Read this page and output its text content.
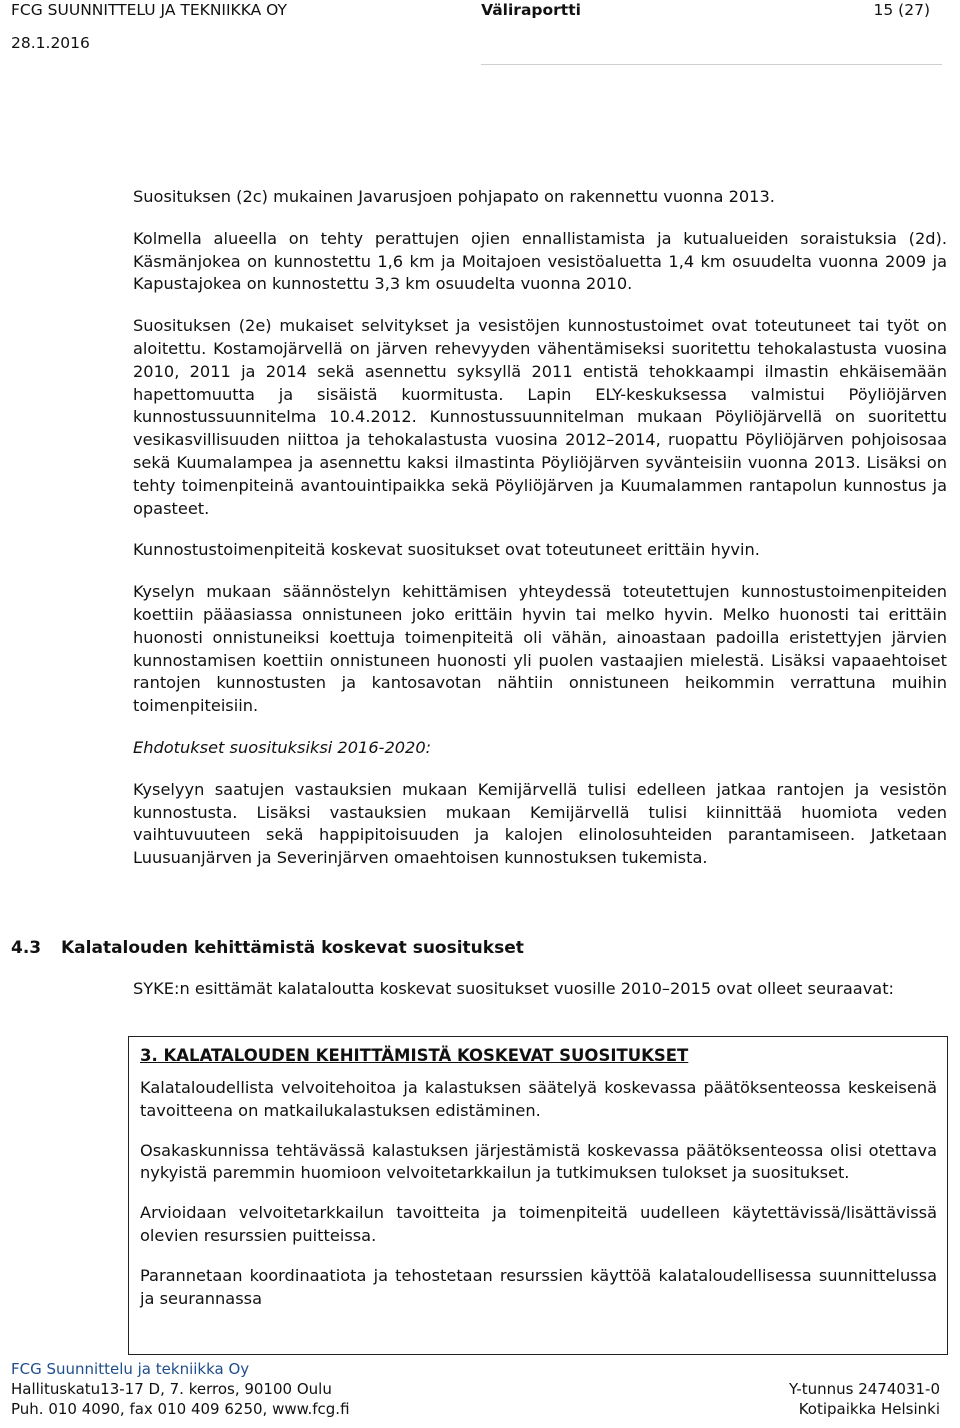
FCG SUUNNITTELU JA TEKNIIKKA OY	Väliraportti	15 (27)
28.1.2016

Suosituksen (2c) mukainen Javarusjoen pohjapato on rakennettu vuonna 2013.

Kolmella alueella on tehty perattujen ojien ennallistamista ja kutualueiden soraistuksia (2d). Käsmänjokea on kunnostettu 1,6 km ja Moitajoen vesistöaluetta 1,4 km osuudelta vuonna 2009 ja Kapustajokea on kunnostettu 3,3 km osuudelta vuonna 2010.

Suosituksen (2e) mukaiset selvitykset ja vesistöjen kunnostustoimet ovat toteutuneet tai työt on aloitettu. Kostamojärvellä on järven rehevyyden vähentämiseksi suoritettu tehokalastusta vuosina 2010, 2011 ja 2014 sekä asennettu syksyllä 2011 entistä tehokkaampi ilmastin ehkäisemään hapettomuutta ja sisäistä kuormitusta. Lapin ELY-keskuksessa valmistui Pöyliöjärven kunnostussuunnitelma 10.4.2012. Kunnostussuunnitelman mukaan Pöyliöjärvellä on suoritettu vesikasvillisuuden niittoa ja tehokalastusta vuosina 2012–2014, ruopattu Pöyliöjärven pohjoisosaa sekä Kuumalampea ja asennettu kaksi ilmastinta Pöyliöjärven syvänteisiin vuonna 2013. Lisäksi on tehty toimenpiteinä avantouintipaikka sekä Pöyliöjärven ja Kuumalammen rantapolun kunnostus ja opasteet.

Kunnostustoimenpiteitä koskevat suositukset ovat toteutuneet erittäin hyvin.

Kyselyn mukaan säännöstelyn kehittämisen yhteydessä toteutettujen kunnostustoimenpiteiden koettiin pääasiassa onnistuneen joko erittäin hyvin tai melko hyvin. Melko huonosti tai erittäin huonosti onnistuneiksi koettuja toimenpiteitä oli vähän, ainoastaan padoilla eristettyjen järvien kunnostamisen koettiin onnistuneen huonosti yli puolen vastaajien mielestä. Lisäksi vapaaehtoiset rantojen kunnostusten ja kantosavotan nähtiin onnistuneen heikommin verrattuna muihin toimenpiteisiin.

Ehdotukset suosituksiksi 2016-2020:

Kyselyyn saatujen vastauksien mukaan Kemijärvellä tulisi edelleen jatkaa rantojen ja vesistön kunnostusta. Lisäksi vastauksien mukaan Kemijärvellä tulisi kiinnittää huomiota veden vaihtuvuuteen sekä happipitoisuuden ja kalojen elinolosuhteiden parantamiseen. Jatketaan Luusuanjärven ja Severinjärven omaehtoisen kunnostuksen tukemista.

4.3 Kalatalouden kehittämistä koskevat suositukset

SYKE:n esittämät kalataloutta koskevat suositukset vuosille 2010–2015 ovat olleet seuraavat:

3. KALATALOUDEN KEHITTÄMISTÄ KOSKEVAT SUOSITUKSET

Kalataloudellista velvoitehoitoa ja kalastuksen säätelyä koskevassa päätöksenteossa keskeisenä tavoitteena on matkailukalastuksen edistäminen.

Osakaskunnissa tehtävässä kalastuksen järjestämistä koskevassa päätöksenteossa olisi otettava nykyistä paremmin huomioon velvoitetarkkailun ja tutkimuksen tulokset ja suositukset.

Arvioidaan velvoitetarkkailun tavoitteita ja toimenpiteitä uudelleen käytettävissä/lisättävissä olevien resurssien puitteissa.

Parannetaan koordinaatiota ja tehostetaan resurssien käyttöä kalataloudellisessa suunnittelussa ja seurannassa

FCG Suunnittelu ja tekniikka Oy
Hallituskatu13-17 D, 7. kerros, 90100 Oulu
Puh. 010 4090, fax 010 409 6250, www.fcg.fi
Y-tunnus 2474031-0
Kotipaikka Helsinki
